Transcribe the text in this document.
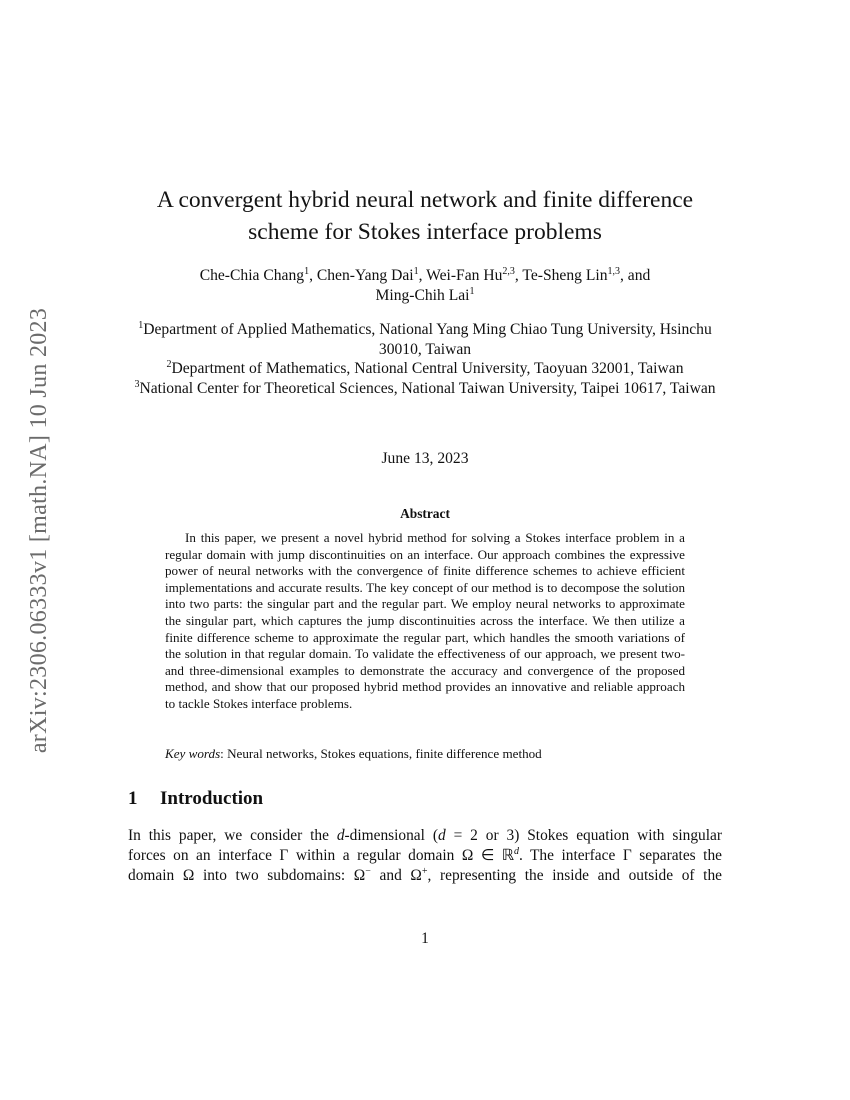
arXiv:2306.06333v1 [math.NA] 10 Jun 2023
A convergent hybrid neural network and finite difference
scheme for Stokes interface problems
Che-Chia Chang$^1$, Chen-Yang Dai$^1$, Wei-Fan Hu$^{2,3}$, Te-Sheng Lin$^{1,3}$, and
Ming-Chih Lai$^1$
$^1$Department of Applied Mathematics, National Yang Ming Chiao Tung University, Hsinchu 30010, Taiwan
$^2$Department of Mathematics, National Central University, Taoyuan 32001, Taiwan
$^3$National Center for Theoretical Sciences, National Taiwan University, Taipei 10617, Taiwan
June 13, 2023
Abstract

In this paper, we present a novel hybrid method for solving a Stokes interface problem in a regular domain with jump discontinuities on an interface. Our approach combines the expressive power of neural networks with the convergence of finite difference schemes to achieve efficient implementations and accurate results. The key concept of our method is to decompose the solution into two parts: the singular part and the regular part. We employ neural networks to approximate the singular part, which captures the jump discontinuities across the interface. We then utilize a finite difference scheme to approximate the regular part, which handles the smooth variations of the solution in that regular domain. To validate the effectiveness of our approach, we present two- and three-dimensional examples to demonstrate the accuracy and convergence of the proposed method, and show that our proposed hybrid method provides an innovative and reliable approach to tackle Stokes interface problems.

Key words: Neural networks, Stokes equations, finite difference method

1 Introduction
In this paper, we consider the d-dimensional (d = 2 or 3) Stokes equation with singular
forces on an interface Γ within a regular domain Ω ∈ ℝ$^d$. The interface Γ separates the
domain Ω into two subdomains: Ω− and Ω+, representing the inside and outside of the
1
